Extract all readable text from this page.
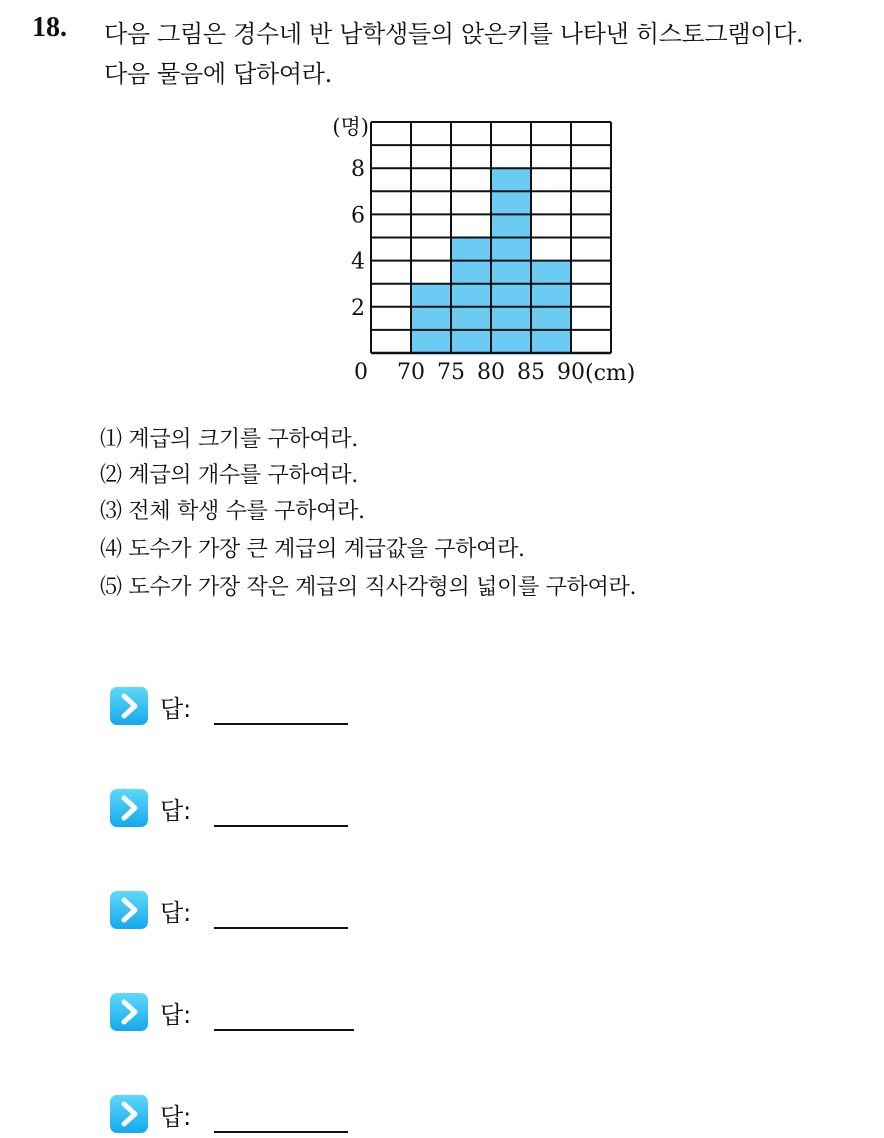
18. 다음 그림은 경수네 반 남학생들의 앉은키를 나타낸 히스토그램이다.
다음 물음에 답하여라.
2
4
6
8
(명)
0 70 75 80 85 90 (cm)
⑴ 계급의 크기를 구하여라.
⑵ 계급의 개수를 구하여라.
⑶ 전체 학생 수를 구하여라.
⑷ 도수가 가장 큰 계급의 계급값을 구하여라.
⑸ 도수가 가장 작은 계급의 직사각형의 넓이를 구하여라.
답:
답:
답:
답:
답:
